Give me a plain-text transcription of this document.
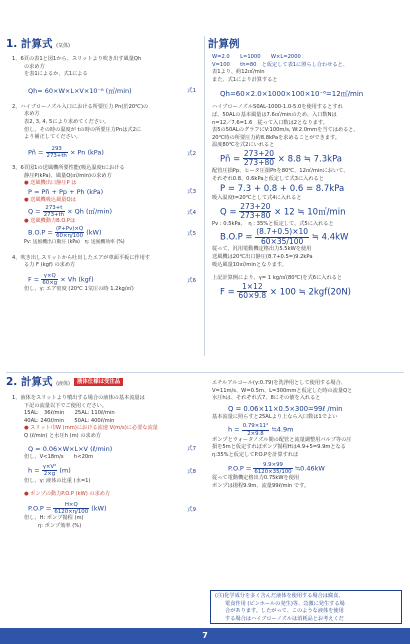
1. 計算式 (気体)
1、6頁の表1と図1から、スリットより吹き出す風量Qh
の求め方
を表1によるか、式1による
Qh= 60×W×L×V×10⁻⁶ (㎥/min)	式1
2、ハイブローノズル入口における所要圧力 Pn(於20℃)の
求め方
表2, 3, 4, 5により求めてください。
但し、その時の温度が tの時の所要圧力Pnは式2に
より補正してください。
Pñ = $\frac{293}{273+th} \times Pn$ (kPa)	式2
3、6頁図1の送風機所要性能(吸込温度tにおける
静圧P(kPa)、風量Q(㎥/min)の求め方
● 送風機出口静圧P は
P = Pñ + Pp + Ph (kPa)	式3
● 送風機吸込風量Qは
$Q = \frac{273+t}{273+th} \times Qh$ (㎥/min)	式4
● 送風機動力B.O.Pは
$B.O.P = \frac{(P+Pv)\times Q}{60\times\eta/100} (kW)$	式5
Pv: 送風機出口動圧 (kPa)　η: 送風機効率 (%)
4、吹き出しスリットから吐出したエアが車面平板に作用す
る力 F (kgf) の求め方
$F = \frac{\gamma\times Q}{60\times g} \times Vh$ (kgf)	式6
但し、γ: エア密度 (20℃ 1気圧の時 1.2kg/㎥)
計算例
W=2.0　　L=1000　　W×L=2000
V=100　　th=80　と仮定して表1に照らし合わせると、
表1より、約12㎥/min
また、式1により計算すると
Qh=60×2.0×1000×100×10⁻⁶=12㎥/min
ハイブローノズルS0AL-1000-1.0-5.0を使用するとすれ
ば、50ALの基本風量は7.6㎥/minのため、入口数Nは
n=12／7.6=1.6　従って入口数は2となります。
表5の50ALのグラフにV:100m/s, W:2.0mmを当てはめると、
20℃時の所要圧力約8.8kPaを求めることができます。
温度80℃を式2にいれると
Pñ = $\frac{273+20}{273+80} \times 8.8$ ≒ 7.3kPa
配管圧損Pp、ヒータ圧損Phを80℃、12㎥/minにおいて、
それぞれ0.8、0.6kPaと仮定して式3に入れると
P = 7.3 + 0.8 + 0.6 = 8.7kPa
吸入温度t=20℃として式4に入れると
$Q = \frac{273+20}{273+80} \times 12$ ≒ 10㎥/min
Pv : 0.5kPa、　η : 35%と仮定して、式5に入れると
$B.O.P = \frac{(8.7+0.5)\times 10}{60\times 35/100}$ ≒ 4.4kW
従って、汎用電動機定格出力5.5kWを使用
送風機は20℃出口静圧(8.7+0.5=)9.2kPa
吸込風量10㎥/minとなります。
上記計算例により、γ= 1 kg/㎥(80℃)を式6に入れると
$F = \frac{1\times 12}{60\times 9.8} \times 100$ ≒ 2kgf(20N)
2. 計算式 (液体) 液体仕様は受注品
1、液体をスリットより噴出する場合の液体の基本流量は
下記の流量以下でご使用ください。
15AL:　36ℓ/min　　25AL: 110ℓ/min
40AL: 240ℓ/min　　50AL: 400ℓ/min
● スリット巾W (mm)における流速 V(m/s)に必要な流量
Q (ℓ/min) と水圧h (m) の求め方
Q = 0.06×W×L×V (ℓ/min)	式7
但し、V<18m/s　　h<20m
$h = \frac{\text{γ×V²}}{2\times g} (m)$	式8
但し、γ: 液体の比重 (水=1)
● ポンプの動力P.O.P (kW) の求め方
$P.O.P = \frac{H\times Q}{6120\times\eta/100} (kW)$	式9
但し、H: ポンプ揚程 (m)
η: ポンプ効率 (%)
エチルアルコール(γ:0.79)を洗浄用として使用する場合、
V=11m/s、W=0.5m、L=300mmと仮定した時の流量Qと
水圧hは、それぞれ式7、8にその値を入れると
Q = 0.06×11×0.5×300=99ℓ /min
基本流量に照らすと25ALより上なら入口数は1でよい
$h = \frac{\text{0.79×11²}}{2\times 9.8}$ ≒4.9m
ポンプとウォータノズル間の配管と流量調整用バルブ等の圧
損を5mと仮定すればポンプ揚程Hは4.9+5=9.9mとなる
η:35%と仮定してP.O.Pを計算すれば
$P.O.P = \frac{9.9\times 99}{6120\times 35/100}$ ≒0.46kW
従って電動機定格出力0.75kWを使用
ポンプは揚程9.9m、流量99ℓ/min です。
(注)化学成分を多く含んだ液体を使用する場合は腐食、
電食作用 (ピンホールの発生)等、急激に発生する場
合があります。したがって、このような液体を使用
する場合はハイブローノズルは消耗品とお考えくだ
7
